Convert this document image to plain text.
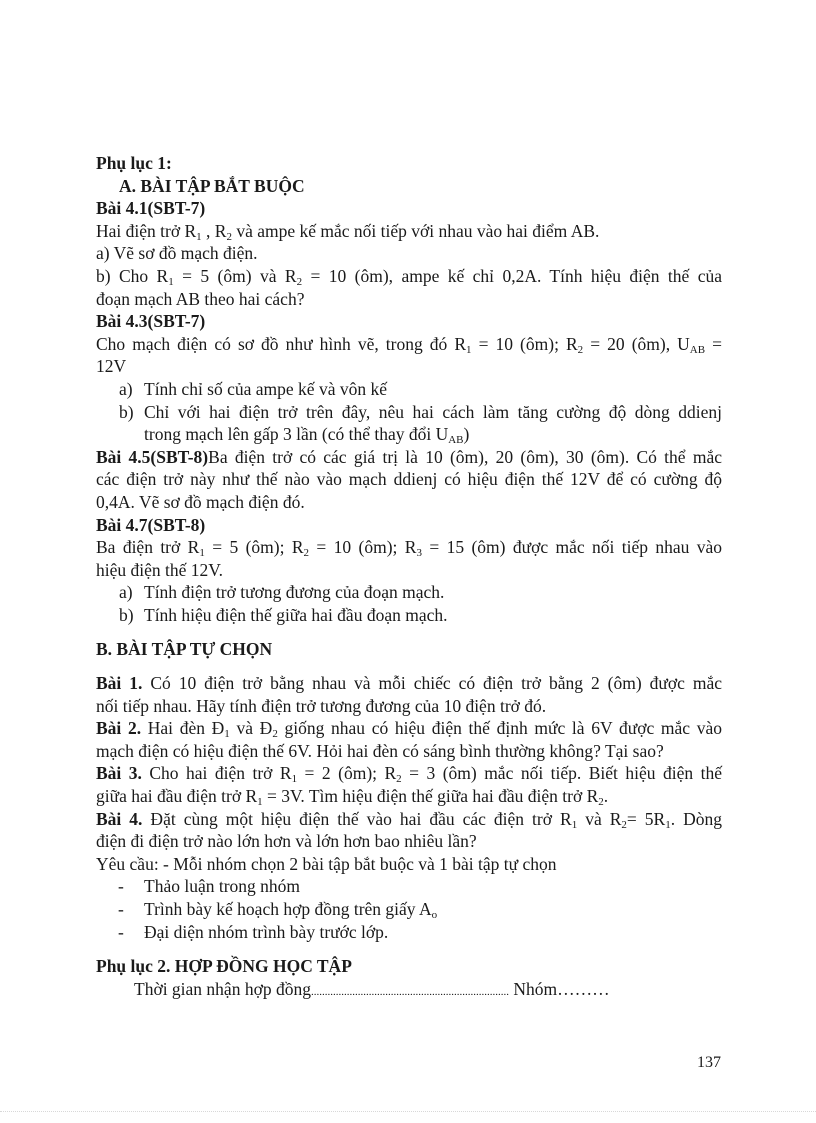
Phụ lục 1:
A. BÀI TẬP BẮT BUỘC
Bài 4.1(SBT-7)
Hai điện trở $R_1$ , $R_2$ và ampe kế mắc nối tiếp với nhau vào hai điểm AB.
a) Vẽ sơ đồ mạch điện.
b) Cho $R_1 = 5$ (ôm) và $R_2 = 10$ (ôm), ampe kế chỉ 0,2A. Tính hiệu điện thế của
đoạn mạch AB theo hai cách?
Bài 4.3(SBT-7)
Cho mạch điện có sơ đồ như hình vẽ, trong đó $R_1 = 10$ (ôm); $R_2 = 20$ (ôm), $U_{AB}$ =
12V
a) Tính chỉ số của ampe kế và vôn kế
b) Chỉ với hai điện trở trên đây, nêu hai cách làm tăng cường độ dòng ddienj
trong mạch lên gấp 3 lần (có thể thay đổi $U_{AB}$)
Bài 4.5(SBT-8)Ba điện trở có các giá trị là 10 (ôm), 20 (ôm), 30 (ôm). Có thể mắc
các điện trở này như thế nào vào mạch ddienj có hiệu điện thế 12V để có cường độ
0,4A. Vẽ sơ đồ mạch điện đó.
Bài 4.7(SBT-8)
Ba điện trở $R_1 = 5$ (ôm); $R_2 = 10$ (ôm); $R_3 = 15$ (ôm) được mắc nối tiếp nhau vào
hiệu điện thế 12V.
a) Tính điện trở tương đương của đoạn mạch.
b) Tính hiệu điện thế giữa hai đầu đoạn mạch.
B. BÀI TẬP TỰ CHỌN
Bài 1. Có 10 điện trở bằng nhau và mỗi chiếc có điện trở bằng 2 (ôm) được mắc
nối tiếp nhau. Hãy tính điện trở tương đương của 10 điện trở đó.
Bài 2. Hai đèn $Đ_1$ và $Đ_2$ giống nhau có hiệu điện thế định mức là 6V được mắc vào
mạch điện có hiệu điện thế 6V. Hỏi hai đèn có sáng bình thường không? Tại sao?
Bài 3. Cho hai điện trở $R_1 = 2$ (ôm); $R_2 = 3$ (ôm) mắc nối tiếp. Biết hiệu điện thế
giữa hai đầu điện trở $R_1 = 3V$. Tìm hiệu điện thế giữa hai đầu điện trở $R_2$.
Bài 4. Đặt cùng một hiệu điện thế vào hai đầu các điện trở $R_1$ và $R_2= 5R_1$. Dòng
điện đi điện trở nào lớn hơn và lớn hơn bao nhiêu lần?
Yêu cầu: - Mỗi nhóm chọn 2 bài tập bắt buộc và 1 bài tập tự chọn
- Thảo luận trong nhóm
- Trình bày kế hoạch hợp đồng trên giấy $A_o$
- Đại diện nhóm trình bày trước lớp.
Phụ lục 2. HỢP ĐỒNG HỌC TẬP
Thời gian nhận hợp đồng........................................................................ Nhóm………
137
